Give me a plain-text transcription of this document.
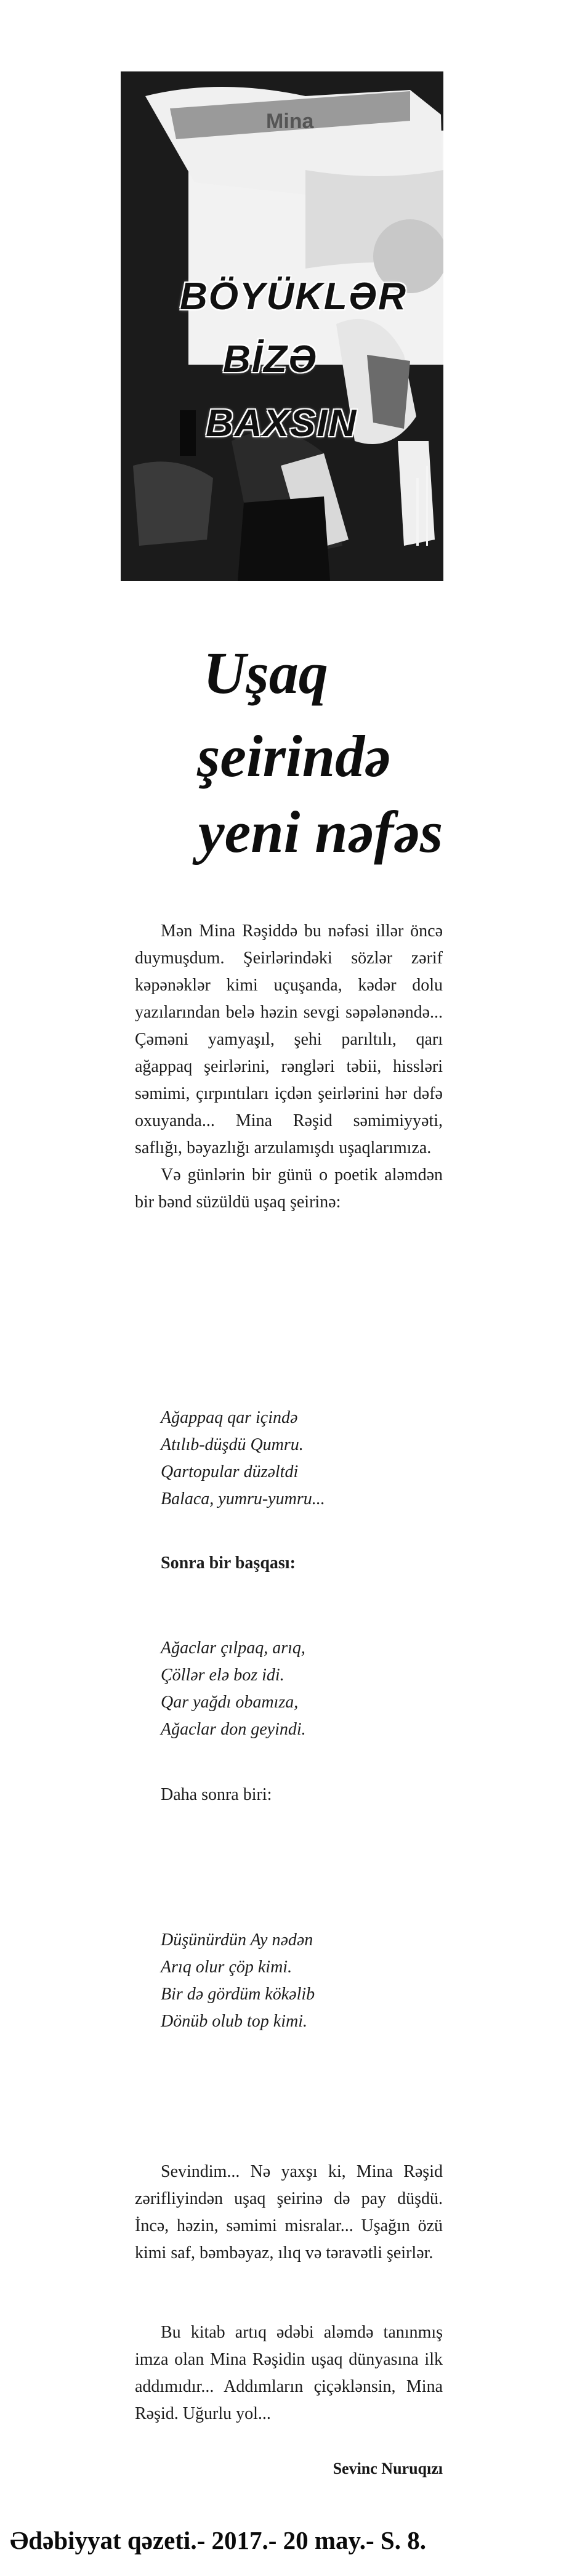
BÖYÜKLƏR
BİZƏ
BAXSIN
Mina
Uşaq
şeirində
yeni nəfəs

Mən Mina Rəşiddə bu nəfəsi illər öncə duymuşdum. Şeirlərindəki sözlər zərif kəpənəklər kimi uçuşanda, kədər dolu yazılarından belə həzin sevgi səpələnəndə... Çəməni yamyaşıl, şehi parıltılı, qarı ağappaq şeirlərini, rəngləri təbii, hissləri səmimi, çırpıntıları içdən şeirlərini hər dəfə oxuyanda... Mina Rəşid səmimiyyəti, saflığı, bəyazlığı arzulamışdı uşaqlarımıza.

Və günlərin bir günü o poetik aləmdən bir bənd süzüldü uşaq şeirinə:

Ağappaq qar içində
Atılıb-düşdü Qumru.
Qartopular düzəltdi
Balaca, yumru-yumru...

Sonra bir başqası:

Ağaclar çılpaq, arıq,
Çöllər elə boz idi.
Qar yağdı obamıza,
Ağaclar don geyindi.

Daha sonra biri:

Düşünürdün Ay nədən
Arıq olur çöp kimi.
Bir də gördüm kökəlib
Dönüb olub top kimi.

Sevindim... Nə yaxşı ki, Mina Rəşid zərifliyindən uşaq şeirinə də pay düşdü. İncə, həzin, səmimi misralar... Uşağın özü kimi saf, bəmbəyaz, ılıq və təravətli şeirlər.

Bu kitab artıq ədəbi aləmdə tanınmış imza olan Mina Rəşidin uşaq dünyasına ilk addımıdır... Addımların çiçəklənsin, Mina Rəşid. Uğurlu yol...

Sevinc Nuruqızı
Ədəbiyyat qəzeti.- 2017.- 20 may.- S. 8.
